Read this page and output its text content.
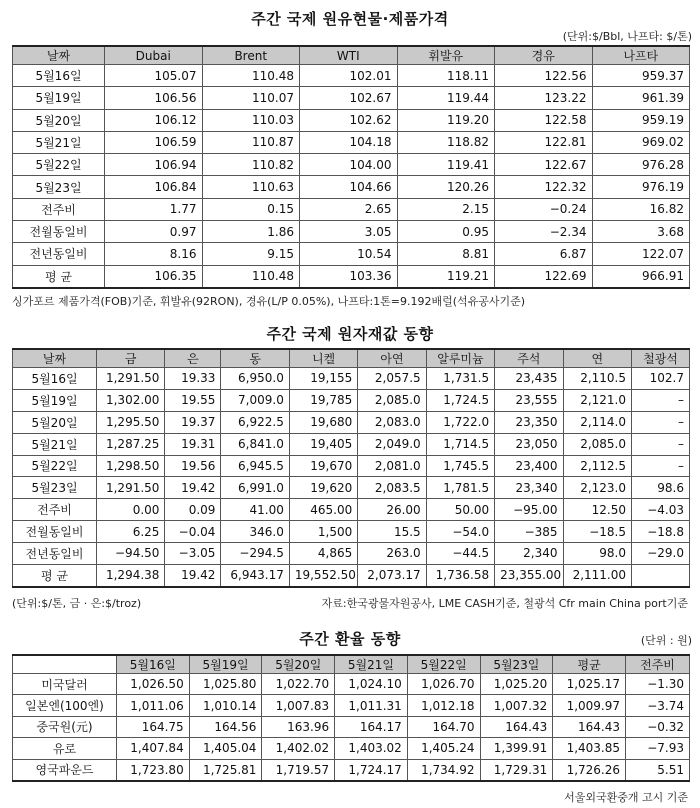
주간 국제 원유현물·제품가격
(단위:$/Bbl, 나프타: $/톤)
날짜	Dubai	Brent	WTI	휘발유	경유	나프타
5월16일	105.07	110.48	102.01	118.11	122.56	959.37
5월19일	106.56	110.07	102.67	119.44	123.22	961.39
5월20일	106.12	110.03	102.62	119.20	122.58	959.19
5월21일	106.59	110.87	104.18	118.82	122.81	969.02
5월22일	106.94	110.82	104.00	119.41	122.67	976.28
5월23일	106.84	110.63	104.66	120.26	122.32	976.19
전주비	1.77	0.15	2.65	2.15	−0.24	16.82
전월동일비	0.97	1.86	3.05	0.95	−2.34	3.68
전년동일비	8.16	9.15	10.54	8.81	6.87	122.07
평 균	106.35	110.48	103.36	119.21	122.69	966.91
싱가포르 제품가격(FOB)기준, 휘발유(92RON), 경유(L/P 0.05%), 나프타:1톤=9.192배럴(석유공사기준)
주간 국제 원자재값 동향
날짜	금	은	동	니켈	아연	알루미늄	주석	연	철광석
5월16일	1,291.50	19.33	6,950.0	19,155	2,057.5	1,731.5	23,435	2,110.5	102.7
5월19일	1,302.00	19.55	7,009.0	19,785	2,085.0	1,724.5	23,555	2,121.0	–
5월20일	1,295.50	19.37	6,922.5	19,680	2,083.0	1,722.0	23,350	2,114.0	–
5월21일	1,287.25	19.31	6,841.0	19,405	2,049.0	1,714.5	23,050	2,085.0	–
5월22일	1,298.50	19.56	6,945.5	19,670	2,081.0	1,745.5	23,400	2,112.5	–
5월23일	1,291.50	19.42	6,991.0	19,620	2,083.5	1,781.5	23,340	2,123.0	98.6
전주비	0.00	0.09	41.00	465.00	26.00	50.00	−95.00	12.50	−4.03
전월동일비	6.25	−0.04	346.0	1,500	15.5	−54.0	−385	−18.5	−18.8
전년동일비	−94.50	−3.05	−294.5	4,865	263.0	−44.5	2,340	98.0	−29.0
평 균	1,294.38	19.42	6,943.17	19,552.50	2,073.17	1,736.58	23,355.00	2,111.00	
(단위:$/톤, 금 · 은:$/troz)	자료:한국광물자원공사, LME CASH기준, 철광석 Cfr main China port기준
주간 환율 동향	(단위 : 원)
	5월16일	5월19일	5월20일	5월21일	5월22일	5월23일	평균	전주비
미국달러	1,026.50	1,025.80	1,022.70	1,024.10	1,026.70	1,025.20	1,025.17	−1.30
일본엔(100엔)	1,011.06	1,010.14	1,007.83	1,011.31	1,012.18	1,007.32	1,009.97	−3.74
중국원(元)	164.75	164.56	163.96	164.17	164.70	164.43	164.43	−0.32
유로	1,407.84	1,405.04	1,402.02	1,403.02	1,405.24	1,399.91	1,403.85	−7.93
영국파운드	1,723.80	1,725.81	1,719.57	1,724.17	1,734.92	1,729.31	1,726.26	5.51
서울외국환중개 고시 기준
